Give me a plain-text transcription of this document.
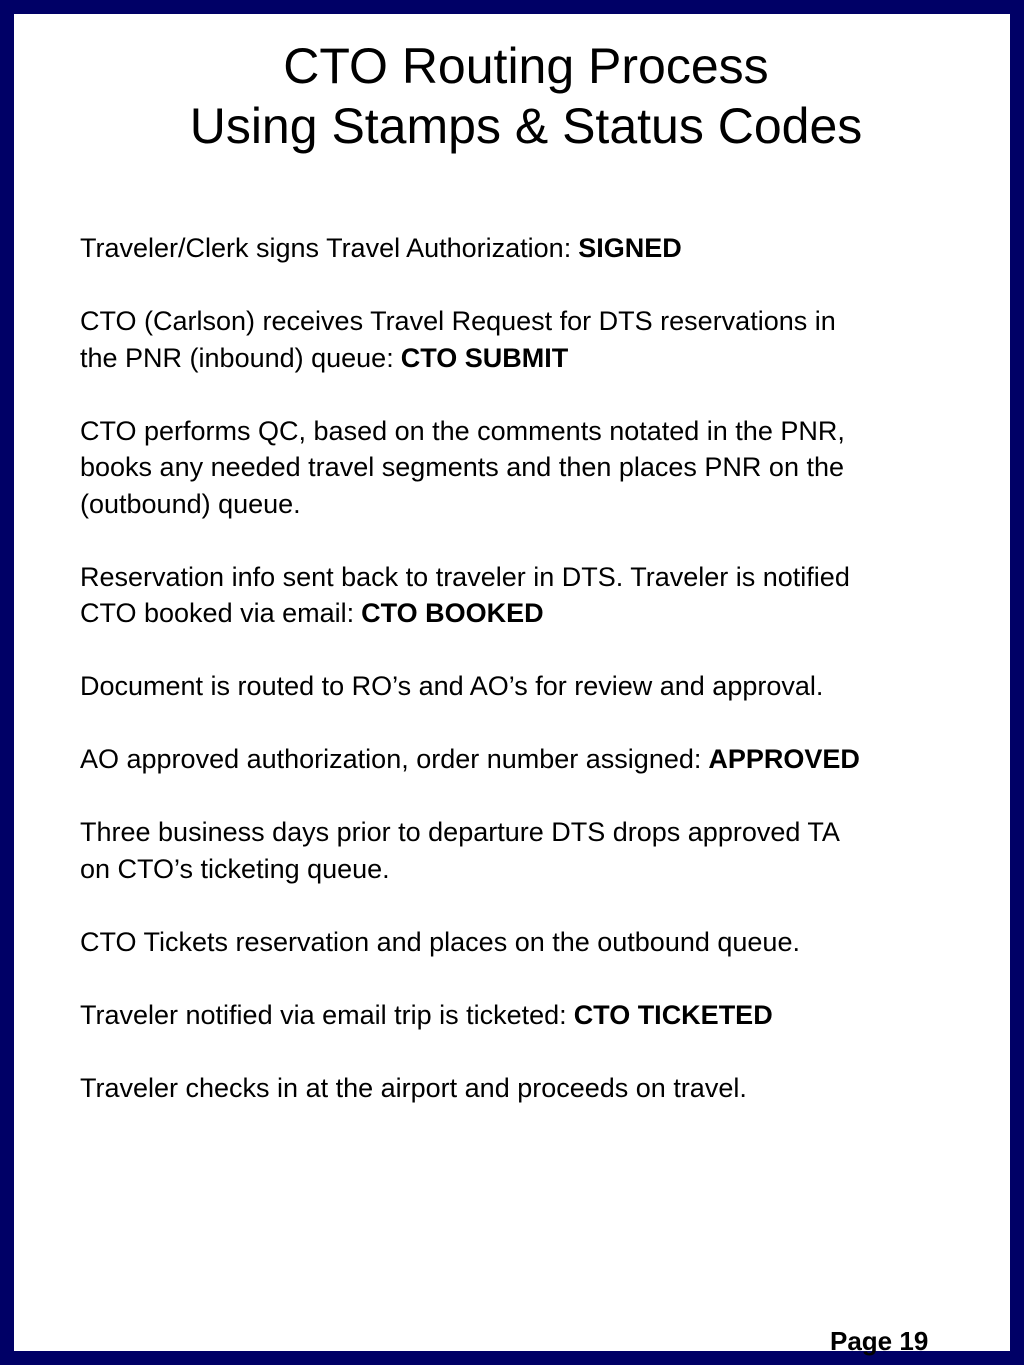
CTO Routing Process
Using Stamps & Status Codes

Traveler/Clerk signs Travel Authorization: SIGNED

CTO (Carlson) receives Travel Request for DTS reservations in
the PNR (inbound) queue: CTO SUBMIT

CTO performs QC, based on the comments notated in the PNR,
books any needed travel segments and then places PNR on the
(outbound) queue.

Reservation info sent back to traveler in DTS. Traveler is notified
CTO booked via email: CTO BOOKED

Document is routed to RO’s and AO’s for review and approval.

AO approved authorization, order number assigned: APPROVED

Three business days prior to departure DTS drops approved TA
on CTO’s ticketing queue.

CTO Tickets reservation and places on the outbound queue.

Traveler notified via email trip is ticketed: CTO TICKETED

Traveler checks in at the airport and proceeds on travel.

Page 19
